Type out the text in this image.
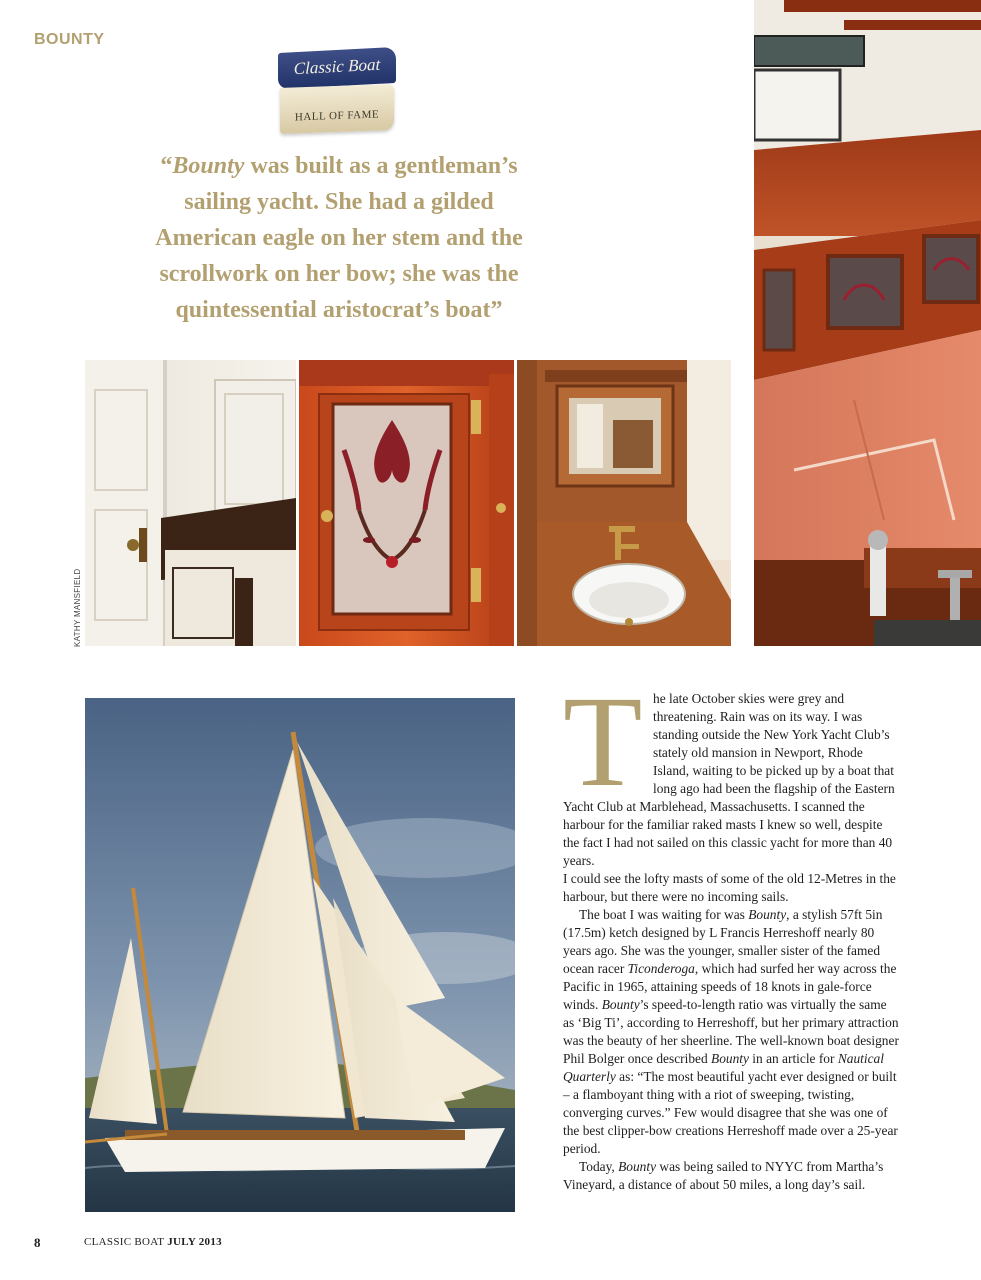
BOUNTY
Classic Boat
HALL OF FAME
“Bounty was built as a gentleman’s sailing yacht. She had a gilded American eagle on her stem and the scrollwork on her bow; she was the quintessential aristocrat’s boat”
KATHY MANSFIELD
T he late October skies were grey and threatening. Rain was on its way. I was standing outside the New York Yacht Club’s stately old mansion in Newport, Rhode Island, waiting to be picked up by a boat that long ago had been the flagship of the Eastern Yacht Club at Marblehead, Massachusetts. I scanned the harbour for the familiar raked masts I knew so well, despite the fact I had not sailed on this classic yacht for more than 40 years.

I could see the lofty masts of some of the old 12-Metres in the harbour, but there were no incoming sails.

The boat I was waiting for was Bounty, a stylish 57ft 5in (17.5m) ketch designed by L Francis Herreshoff nearly 80 years ago. She was the younger, smaller sister of the famed ocean racer Ticonderoga, which had surfed her way across the Pacific in 1965, attaining speeds of 18 knots in gale-force winds. Bounty’s speed-to-length ratio was virtually the same as ‘Big Ti’, according to Herreshoff, but her primary attraction was the beauty of her sheerline. The well-known boat designer Phil Bolger once described Bounty in an article for Nautical Quarterly as: “The most beautiful yacht ever designed or built – a flamboyant thing with a riot of sweeping, twisting, converging curves.” Few would disagree that she was one of the best clipper-bow creations Herreshoff made over a 25-year period.

Today, Bounty was being sailed to NYYC from Martha’s Vineyard, a distance of about 50 miles, a long day’s sail.

8	CLASSIC BOAT JULY 2013
